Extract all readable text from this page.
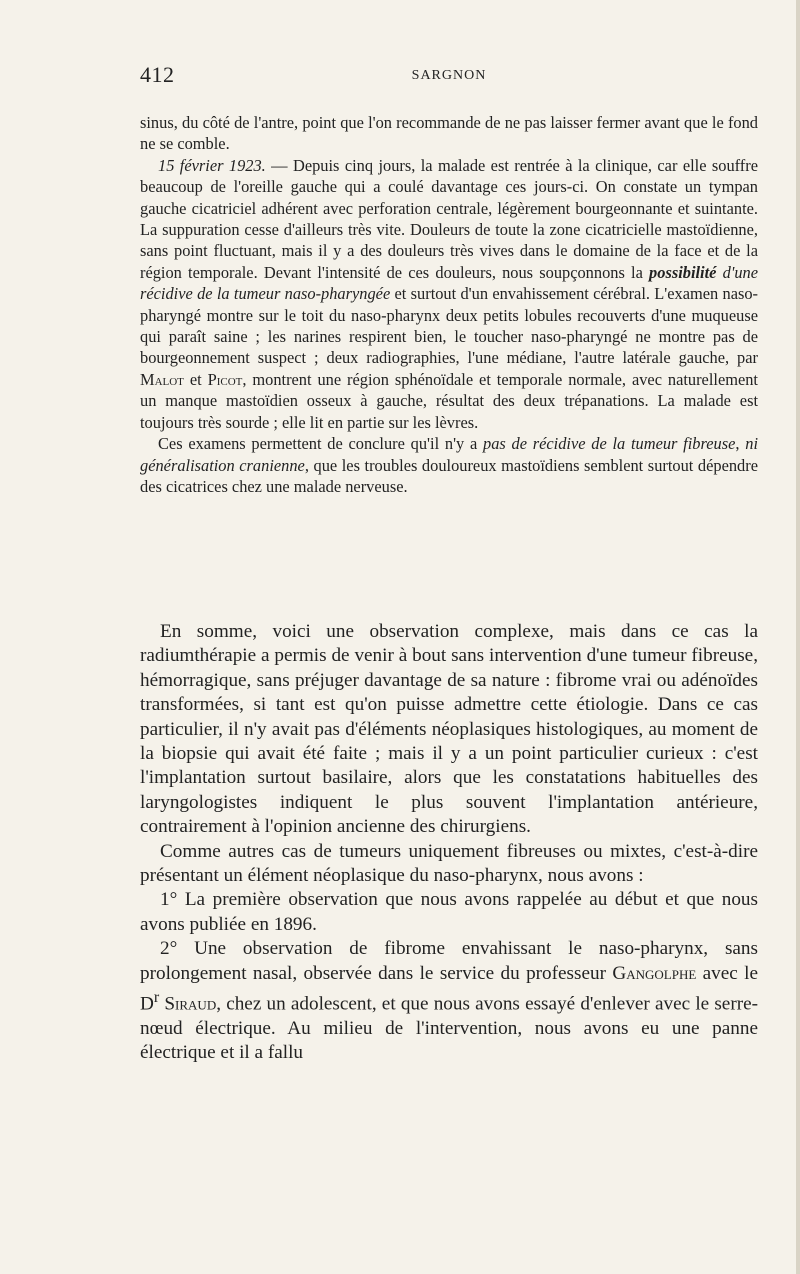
412	SARGNON

sinus, du côté de l'antre, point que l'on recommande de ne pas laisser fermer avant que le fond ne se comble.

15 février 1923. — Depuis cinq jours, la malade est rentrée à la clinique, car elle souffre beaucoup de l'oreille gauche qui a coulé davantage ces jours-ci. On constate un tympan gauche cicatriciel adhérent avec perforation centrale, légèrement bourgeonnante et suintante. La suppuration cesse d'ailleurs très vite. Douleurs de toute la zone cicatricielle mastoïdienne, sans point fluctuant, mais il y a des douleurs très vives dans le domaine de la face et de la région temporale. Devant l'intensité de ces douleurs, nous soupçonnons la possibilité d'une récidive de la tumeur naso-pharyngée et surtout d'un envahissement cérébral. L'examen naso-pharyngé montre sur le toit du naso-pharynx deux petits lobules recouverts d'une muqueuse qui paraît saine ; les narines respirent bien, le toucher naso-pharyngé ne montre pas de bourgeonnement suspect ; deux radiographies, l'une médiane, l'autre latérale gauche, par Malot et Picot, montrent une région sphénoïdale et temporale normale, avec naturellement un manque mastoïdien osseux à gauche, résultat des deux trépanations. La malade est toujours très sourde ; elle lit en partie sur les lèvres.

Ces examens permettent de conclure qu'il n'y a pas de récidive de la tumeur fibreuse, ni généralisation cranienne, que les troubles douloureux mastoïdiens semblent surtout dépendre des cicatrices chez une malade nerveuse.

En somme, voici une observation complexe, mais dans ce cas la radiumthérapie a permis de venir à bout sans intervention d'une tumeur fibreuse, hémorragique, sans préjuger davantage de sa nature : fibrome vrai ou adénoïdes transformées, si tant est qu'on puisse admettre cette étiologie. Dans ce cas particulier, il n'y avait pas d'éléments néoplasiques histologiques, au moment de la biopsie qui avait été faite ; mais il y a un point particulier curieux : c'est l'implantation surtout basilaire, alors que les constatations habituelles des laryngologistes indiquent le plus souvent l'implantation antérieure, contrairement à l'opinion ancienne des chirurgiens.

Comme autres cas de tumeurs uniquement fibreuses ou mixtes, c'est-à-dire présentant un élément néoplasique du naso-pharynx, nous avons :

1° La première observation que nous avons rappelée au début et que nous avons publiée en 1896.

2° Une observation de fibrome envahissant le naso-pharynx, sans prolongement nasal, observée dans le service du professeur Gangolphe avec le $D^r$ Siraud, chez un adolescent, et que nous avons essayé d'enlever avec le serre-nœud électrique. Au milieu de l'intervention, nous avons eu une panne électrique et il a fallu
